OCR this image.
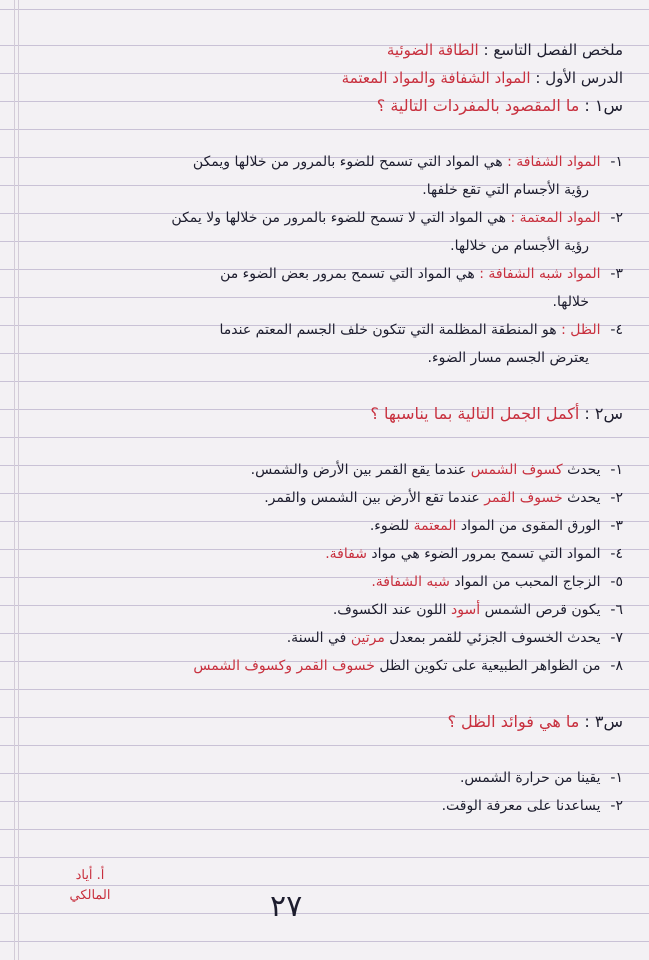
ملخص الفصل التاسع : الطاقة الضوئية
الدرس الأول : المواد الشفافة والمواد المعتمة
س١ : ما المقصود بالمفردات التالية ؟
١- المواد الشفافة : هي المواد التي تسمح للضوء بالمرور من خلالها ويمكن
رؤية الأجسام التي تقع خلفها.
٢- المواد المعتمة : هي المواد التي لا تسمح للضوء بالمرور من خلالها ولا يمكن
رؤية الأجسام من خلالها.
٣- المواد شبه الشفافة : هي المواد التي تسمح بمرور بعض الضوء من
خلالها.
٤- الظل : هو المنطقة المظلمة التي تتكون خلف الجسم المعتم عندما
يعترض الجسم مسار الضوء.
س٢ : أكمل الجمل التالية بما يناسبها ؟
١- يحدث كسوف الشمس عندما يقع القمر بين الأرض والشمس.
٢- يحدث خسوف القمر عندما تقع الأرض بين الشمس والقمر.
٣- الورق المقوى من المواد المعتمة للضوء.
٤- المواد التي تسمح بمرور الضوء هي مواد شفافة.
٥- الزجاج المحبب من المواد شبه الشفافة.
٦- يكون قرص الشمس أسود اللون عند الكسوف.
٧- يحدث الخسوف الجزئي للقمر بمعدل مرتين في السنة.
٨- من الظواهر الطبيعية على تكوين الظل خسوف القمر وكسوف الشمس
س٣ : ما هي فوائد الظل ؟
١- يقينا من حرارة الشمس.
٢- يساعدنا على معرفة الوقت.
أ. أياد
المالكي	٢٧
